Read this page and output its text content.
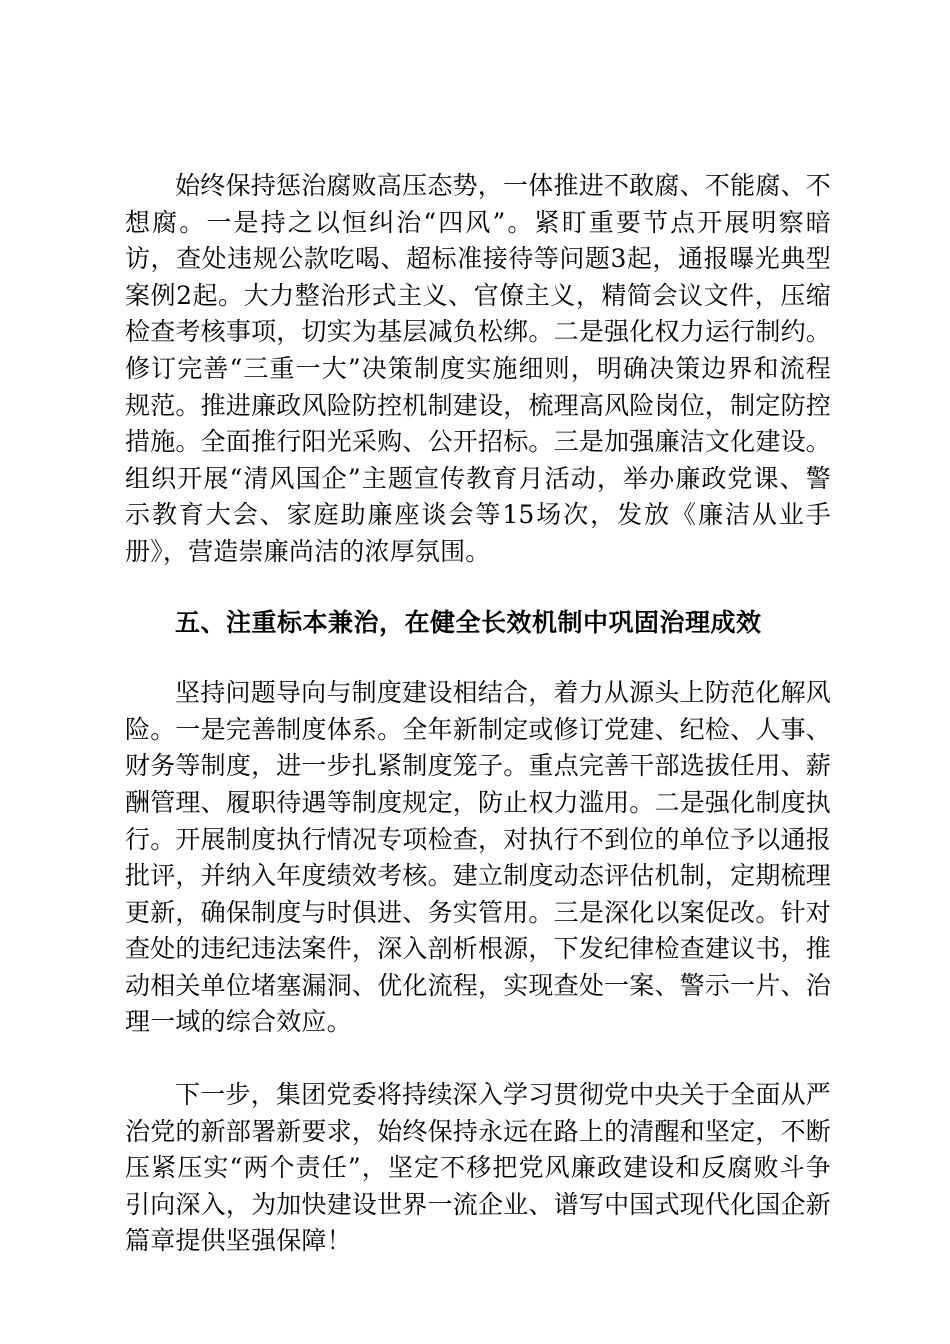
始终保持惩治腐败高压态势，一体推进不敢腐、不能腐、不想腐。一是持之以恒纠治“四风”。紧盯重要节点开展明察暗访，查处违规公款吃喝、超标准接待等问题3起，通报曝光典型案例2起。大力整治形式主义、官僚主义，精简会议文件，压缩检查考核事项，切实为基层减负松绑。二是强化权力运行制约。修订完善“三重一大”决策制度实施细则，明确决策边界和流程规范。推进廉政风险防控机制建设，梳理高风险岗位，制定防控措施。全面推行阳光采购、公开招标。三是加强廉洁文化建设。组织开展“清风国企”主题宣传教育月活动，举办廉政党课、警示教育大会、家庭助廉座谈会等15场次，发放《廉洁从业手册》，营造崇廉尚洁的浓厚氛围。

五、注重标本兼治，在健全长效机制中巩固治理成效

坚持问题导向与制度建设相结合，着力从源头上防范化解风险。一是完善制度体系。全年新制定或修订党建、纪检、人事、财务等制度，进一步扎紧制度笼子。重点完善干部选拔任用、薪酬管理、履职待遇等制度规定，防止权力滥用。二是强化制度执行。开展制度执行情况专项检查，对执行不到位的单位予以通报批评，并纳入年度绩效考核。建立制度动态评估机制，定期梳理更新，确保制度与时俱进、务实管用。三是深化以案促改。针对查处的违纪违法案件，深入剖析根源，下发纪律检查建议书，推动相关单位堵塞漏洞、优化流程，实现查处一案、警示一片、治理一域的综合效应。

下一步，集团党委将持续深入学习贯彻党中央关于全面从严治党的新部署新要求，始终保持永远在路上的清醒和坚定，不断压紧压实“两个责任”，坚定不移把党风廉政建设和反腐败斗争引向深入，为加快建设世界一流企业、谱写中国式现代化国企新篇章提供坚强保障！
